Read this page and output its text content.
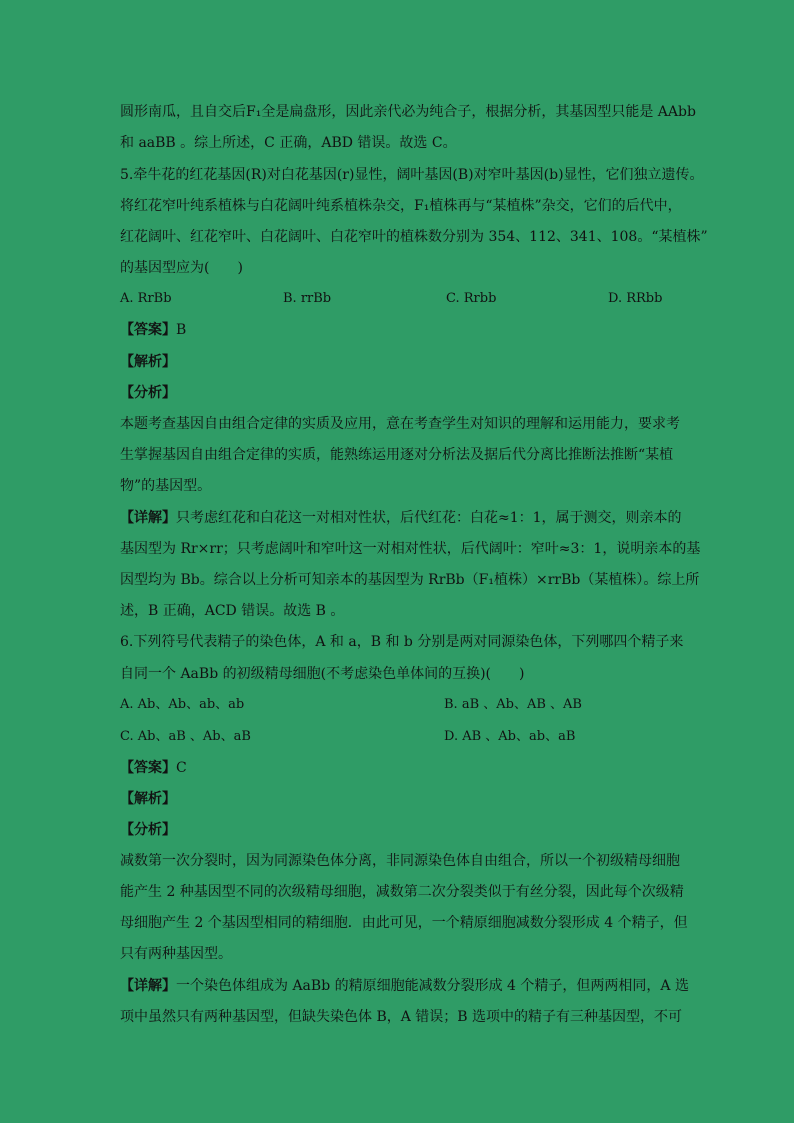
圆形南瓜，且自交后F₁全是扁盘形，因此亲代必为纯合子，根据分析，其基因型只能是 AAbb
和 aaBB 。综上所述，C 正确，ABD 错误。故选 C。
5.牵牛花的红花基因(R)对白花基因(r)显性，阔叶基因(B)对窄叶基因(b)显性，它们独立遗传。
将红花窄叶纯系植株与白花阔叶纯系植株杂交，F₁植株再与“某植株”杂交，它们的后代中，
红花阔叶、红花窄叶、白花阔叶、白花窄叶的植株数分别为 354、112、341、108。“某植株”
的基因型应为(　　)
A. RrBb	B. rrBb	C. Rrbb	D. RRbb
【答案】B
【解析】
【分析】
本题考查基因自由组合定律的实质及应用，意在考查学生对知识的理解和运用能力，要求考
生掌握基因自由组合定律的实质，能熟练运用逐对分析法及据后代分离比推断法推断“某植
物”的基因型。
【详解】只考虑红花和白花这一对相对性状，后代红花：白花≈1：1，属于测交，则亲本的
基因型为 Rr×rr；只考虑阔叶和窄叶这一对相对性状，后代阔叶：窄叶≈3：1，说明亲本的基
因型均为 Bb。综合以上分析可知亲本的基因型为 RrBb（F₁植株）×rrBb（某植株）。综上所
述，B 正确，ACD 错误。故选 B 。
6.下列符号代表精子的染色体，A 和 a，B 和 b 分别是两对同源染色体，下列哪四个精子来
自同一个 AaBb 的初级精母细胞(不考虑染色单体间的互换)(　　)
A. Ab、Ab、ab、ab	B. aB 、Ab、AB 、AB
C. Ab、aB 、Ab、aB	D. AB 、Ab、ab、aB
【答案】C
【解析】
【分析】
减数第一次分裂时，因为同源染色体分离，非同源染色体自由组合，所以一个初级精母细胞
能产生 2 种基因型不同的次级精母细胞，减数第二次分裂类似于有丝分裂，因此每个次级精
母细胞产生 2 个基因型相同的精细胞．由此可见，一个精原细胞减数分裂形成 4 个精子，但
只有两种基因型。
【详解】一个染色体组成为 AaBb 的精原细胞能减数分裂形成 4 个精子，但两两相同，A 选
项中虽然只有两种基因型，但缺失染色体 B，A 错误；B 选项中的精子有三种基因型，不可
